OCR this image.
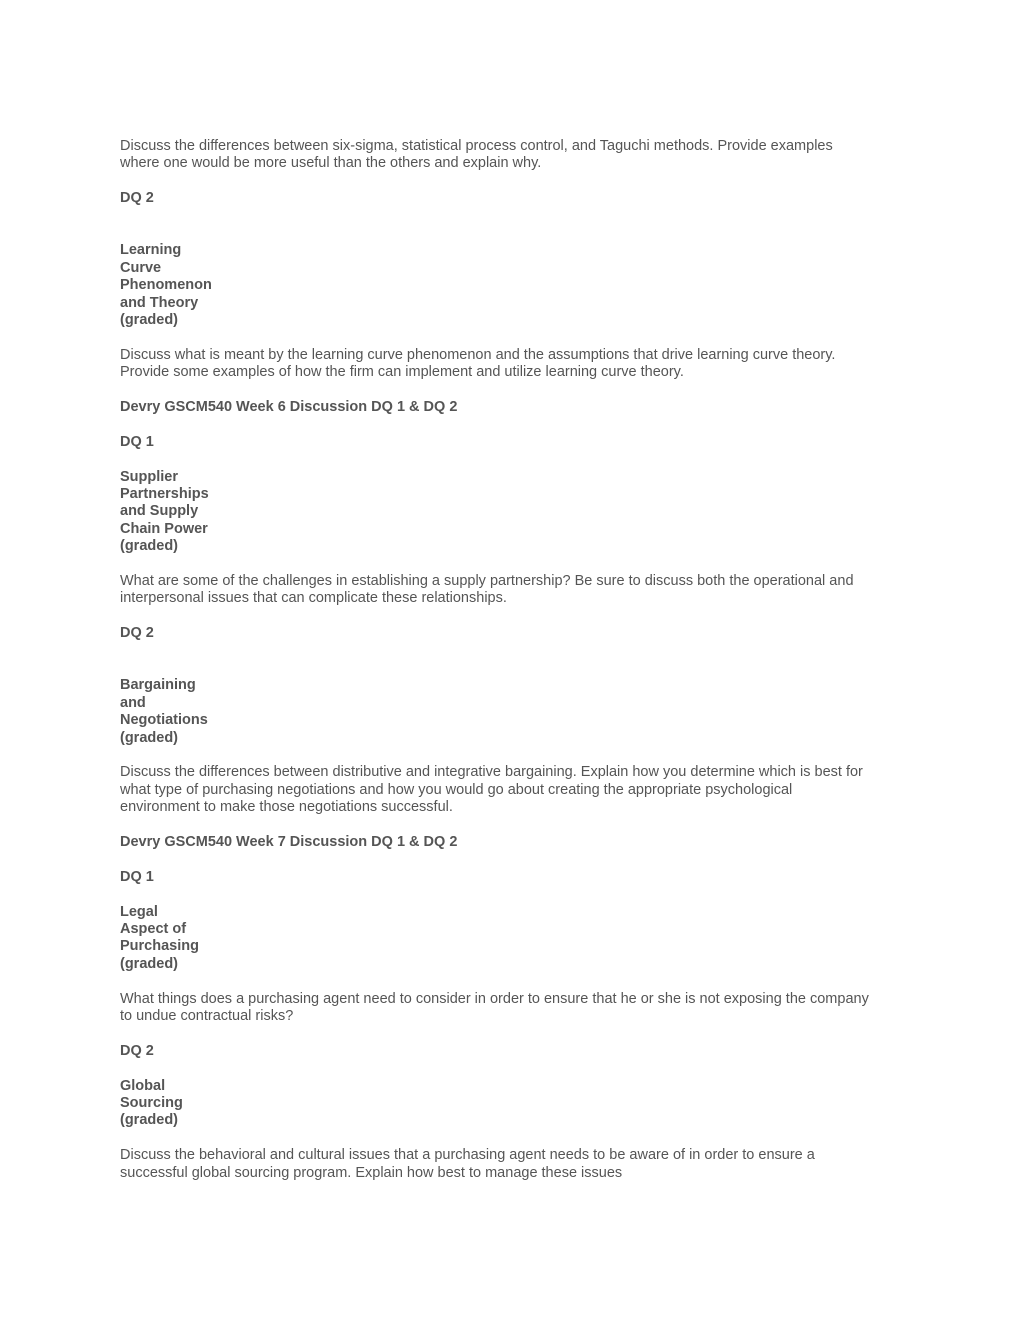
Discuss the differences between six-sigma, statistical process control, and Taguchi methods. Provide examples
where one would be more useful than the others and explain why.
DQ 2
Learning
Curve
Phenomenon
and Theory
(graded)
Discuss what is meant by the learning curve phenomenon and the assumptions that drive learning curve theory.
Provide some examples of how the firm can implement and utilize learning curve theory.
Devry GSCM540 Week 6 Discussion DQ 1 & DQ 2
DQ 1
Supplier
Partnerships
and Supply
Chain Power
(graded)
What are some of the challenges in establishing a supply partnership? Be sure to discuss both the operational and
interpersonal issues that can complicate these relationships.
DQ 2
Bargaining
and
Negotiations
(graded)
Discuss the differences between distributive and integrative bargaining. Explain how you determine which is best for
what type of purchasing negotiations and how you would go about creating the appropriate psychological
environment to make those negotiations successful.
Devry GSCM540 Week 7 Discussion DQ 1 & DQ 2
DQ 1
Legal
Aspect of
Purchasing
(graded)
What things does a purchasing agent need to consider in order to ensure that he or she is not exposing the company
to undue contractual risks?
DQ 2
Global
Sourcing
(graded)
Discuss the behavioral and cultural issues that a purchasing agent needs to be aware of in order to ensure a
successful global sourcing program. Explain how best to manage these issues
